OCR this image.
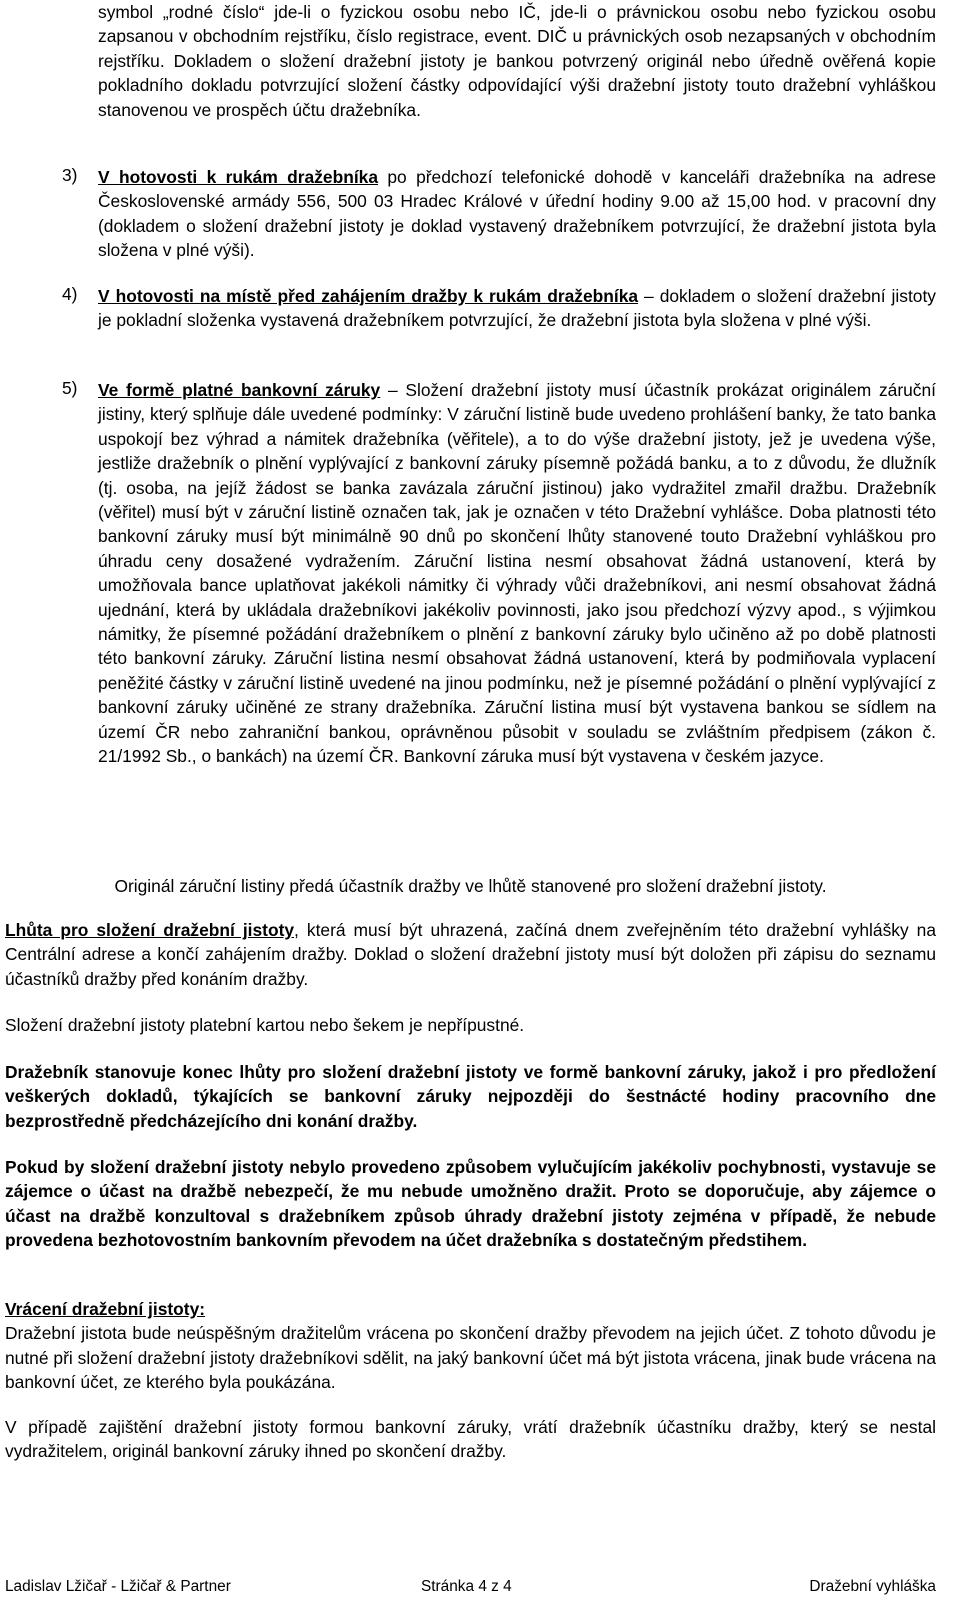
symbol „rodné číslo“ jde-li o fyzickou osobu nebo IČ, jde-li o právnickou osobu nebo fyzickou osobu zapsanou v obchodním rejstříku, číslo registrace, event. DIČ u právnických osob nezapsaných v obchodním rejstříku. Dokladem o složení dražební jistoty je bankou potvrzený originál nebo úředně ověřená kopie pokladního dokladu potvrzující složení částky odpovídající výši dražební jistoty touto dražební vyhláškou stanovenou ve prospěch účtu dražebníka.

3) V hotovosti k rukám dražebníka po předchozí telefonické dohodě v kanceláři dražebníka na adrese Československé armády 556, 500 03 Hradec Králové v úřední hodiny 9.00 až 15,00 hod. v pracovní dny (dokladem o složení dražební jistoty je doklad vystavený dražebníkem potvrzující, že dražební jistota byla složena v plné výši).

4) V hotovosti na místě před zahájením dražby k rukám dražebníka – dokladem o složení dražební jistoty je pokladní složenka vystavená dražebníkem potvrzující, že dražební jistota byla složena v plné výši.

5) Ve formě platné bankovní záruky – Složení dražební jistoty musí účastník prokázat originálem záruční jistiny, který splňuje dále uvedené podmínky: V záruční listině bude uvedeno prohlášení banky, že tato banka uspokojí bez výhrad a námitek dražebníka (věřitele), a to do výše dražební jistoty, jež je uvedena výše, jestliže dražebník o plnění vyplývající z bankovní záruky písemně požádá banku, a to z důvodu, že dlužník (tj. osoba, na jejíž žádost se banka zavázala záruční jistinou) jako vydražitel zmařil dražbu. Dražebník (věřitel) musí být v záruční listině označen tak, jak je označen v této Dražební vyhlášce. Doba platnosti této bankovní záruky musí být minimálně 90 dnů po skončení lhůty stanovené touto Dražební vyhláškou pro úhradu ceny dosažené vydražením. Záruční listina nesmí obsahovat žádná ustanovení, která by umožňovala bance uplatňovat jakékoli námitky či výhrady vůči dražebníkovi, ani nesmí obsahovat žádná ujednání, která by ukládala dražebníkovi jakékoliv povinnosti, jako jsou předchozí výzvy apod., s výjimkou námitky, že písemné požádání dražebníkem o plnění z bankovní záruky bylo učiněno až po době platnosti této bankovní záruky. Záruční listina nesmí obsahovat žádná ustanovení, která by podmiňovala vyplacení peněžité částky v záruční listině uvedené na jinou podmínku, než je písemné požádání o plnění vyplývající z bankovní záruky učiněné ze strany dražebníka. Záruční listina musí být vystavena bankou se sídlem na území ČR nebo zahraniční bankou, oprávněnou působit v souladu se zvláštním předpisem (zákon č. 21/1992 Sb., o bankách) na území ČR. Bankovní záruka musí být vystavena v českém jazyce.

Originál záruční listiny předá účastník dražby ve lhůtě stanovené pro složení dražební jistoty.

Lhůta pro složení dražební jistoty, která musí být uhrazená, začíná dnem zveřejněním této dražební vyhlášky na Centrální adrese a končí zahájením dražby. Doklad o složení dražební jistoty musí být doložen při zápisu do seznamu účastníků dražby před konáním dražby.

Složení dražební jistoty platební kartou nebo šekem je nepřípustné.

Dražebník stanovuje konec lhůty pro složení dražební jistoty ve formě bankovní záruky, jakož i pro předložení veškerých dokladů, týkajících se bankovní záruky nejpozději do šestnácté hodiny pracovního dne bezprostředně předcházejícího dni konání dražby.

Pokud by složení dražební jistoty nebylo provedeno způsobem vylučujícím jakékoliv pochybnosti, vystavuje se zájemce o účast na dražbě nebezpečí, že mu nebude umožněno dražit. Proto se doporučuje, aby zájemce o účast na dražbě konzultoval s dražebníkem způsob úhrady dražební jistoty zejména v případě, že nebude provedena bezhotovostním bankovním převodem na účet dražebníka s dostatečným předstihem.

Vrácení dražební jistoty:

Dražební jistota bude neúspěšným dražitelům vrácena po skončení dražby převodem na jejich účet. Z tohoto důvodu je nutné při složení dražební jistoty dražebníkovi sdělit, na jaký bankovní účet má být jistota vrácena, jinak bude vrácena na bankovní účet, ze kterého byla poukázána.

V případě zajištění dražební jistoty formou bankovní záruky, vrátí dražebník účastníku dražby, který se nestal vydražitelem, originál bankovní záruky ihned po skončení dražby.

Ladislav Lžičař - Lžičař & Partner	Stránka 4 z 4	Dražební vyhláška
